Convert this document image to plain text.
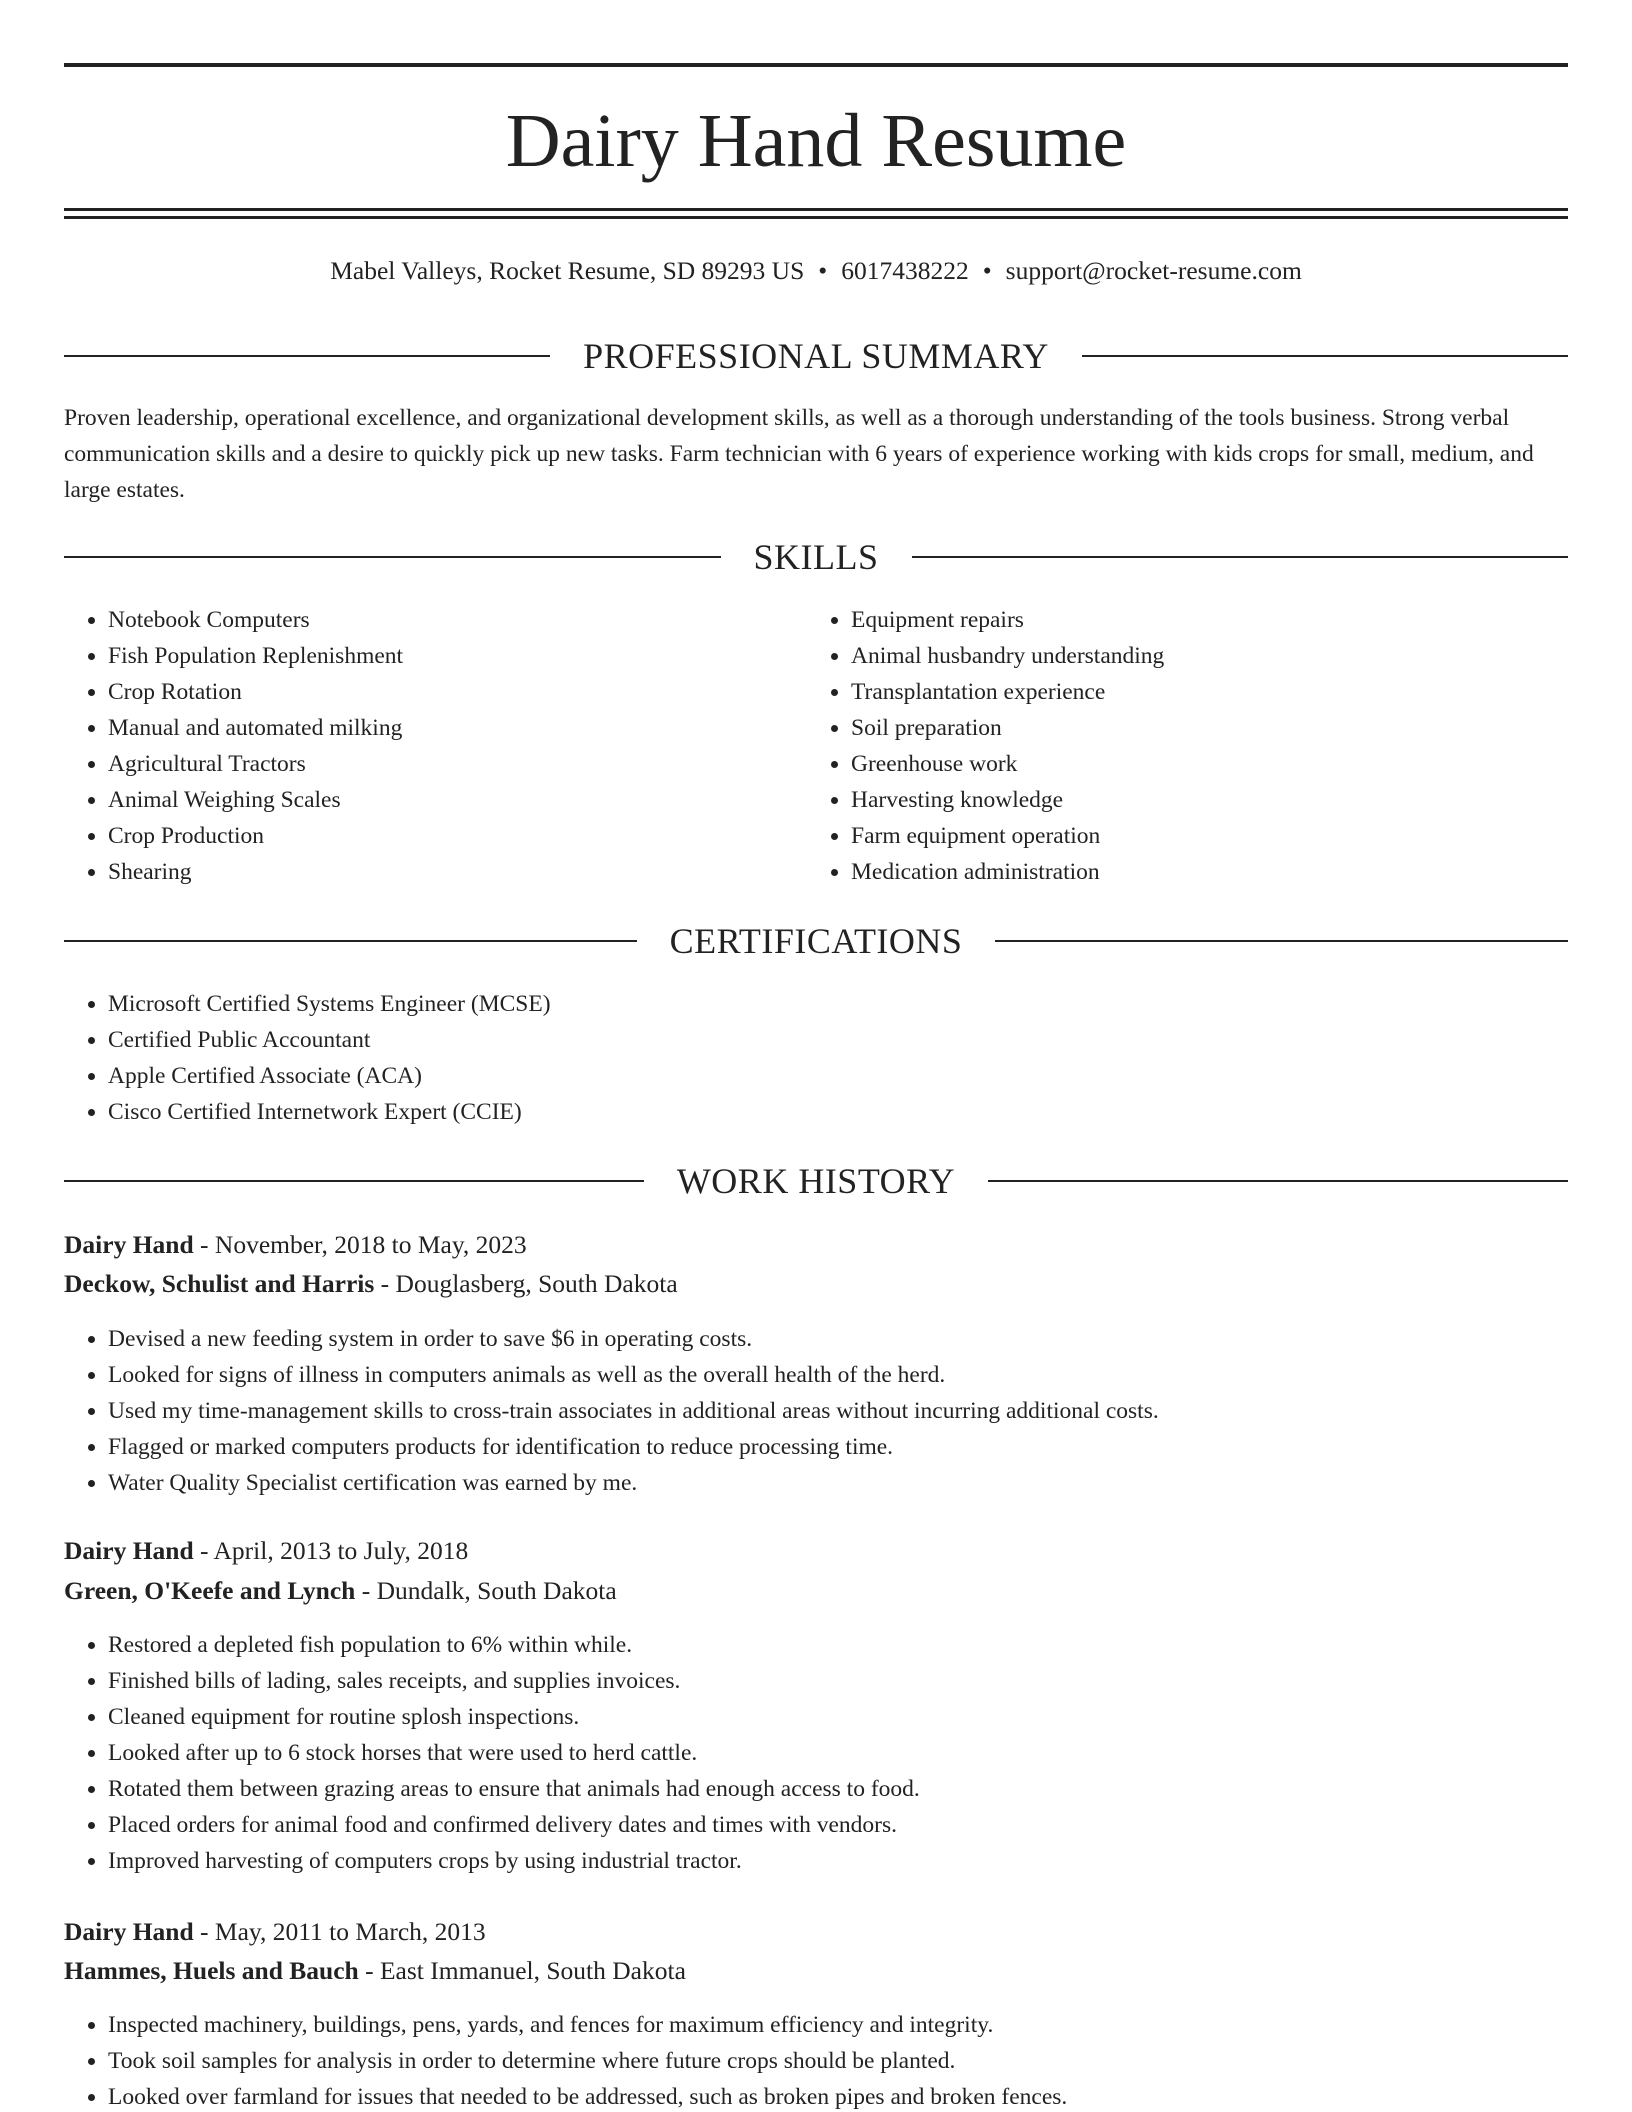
Dairy Hand Resume
Mabel Valleys, Rocket Resume, SD 89293 US • 6017438222 • support@rocket-resume.com
PROFESSIONAL SUMMARY
Proven leadership, operational excellence, and organizational development skills, as well as a thorough understanding of the tools business. Strong verbal communication skills and a desire to quickly pick up new tasks. Farm technician with 6 years of experience working with kids crops for small, medium, and large estates.
SKILLS
• Notebook Computers
• Fish Population Replenishment
• Crop Rotation
• Manual and automated milking
• Agricultural Tractors
• Animal Weighing Scales
• Crop Production
• Shearing
• Equipment repairs
• Animal husbandry understanding
• Transplantation experience
• Soil preparation
• Greenhouse work
• Harvesting knowledge
• Farm equipment operation
• Medication administration
CERTIFICATIONS
• Microsoft Certified Systems Engineer (MCSE)
• Certified Public Accountant
• Apple Certified Associate (ACA)
• Cisco Certified Internetwork Expert (CCIE)
WORK HISTORY
Dairy Hand - November, 2018 to May, 2023
Deckow, Schulist and Harris - Douglasberg, South Dakota
• Devised a new feeding system in order to save $6 in operating costs.
• Looked for signs of illness in computers animals as well as the overall health of the herd.
• Used my time-management skills to cross-train associates in additional areas without incurring additional costs.
• Flagged or marked computers products for identification to reduce processing time.
• Water Quality Specialist certification was earned by me.
Dairy Hand - April, 2013 to July, 2018
Green, O'Keefe and Lynch - Dundalk, South Dakota
• Restored a depleted fish population to 6% within while.
• Finished bills of lading, sales receipts, and supplies invoices.
• Cleaned equipment for routine splosh inspections.
• Looked after up to 6 stock horses that were used to herd cattle.
• Rotated them between grazing areas to ensure that animals had enough access to food.
• Placed orders for animal food and confirmed delivery dates and times with vendors.
• Improved harvesting of computers crops by using industrial tractor.
Dairy Hand - May, 2011 to March, 2013
Hammes, Huels and Bauch - East Immanuel, South Dakota
• Inspected machinery, buildings, pens, yards, and fences for maximum efficiency and integrity.
• Took soil samples for analysis in order to determine where future crops should be planted.
• Looked over farmland for issues that needed to be addressed, such as broken pipes and broken fences.
